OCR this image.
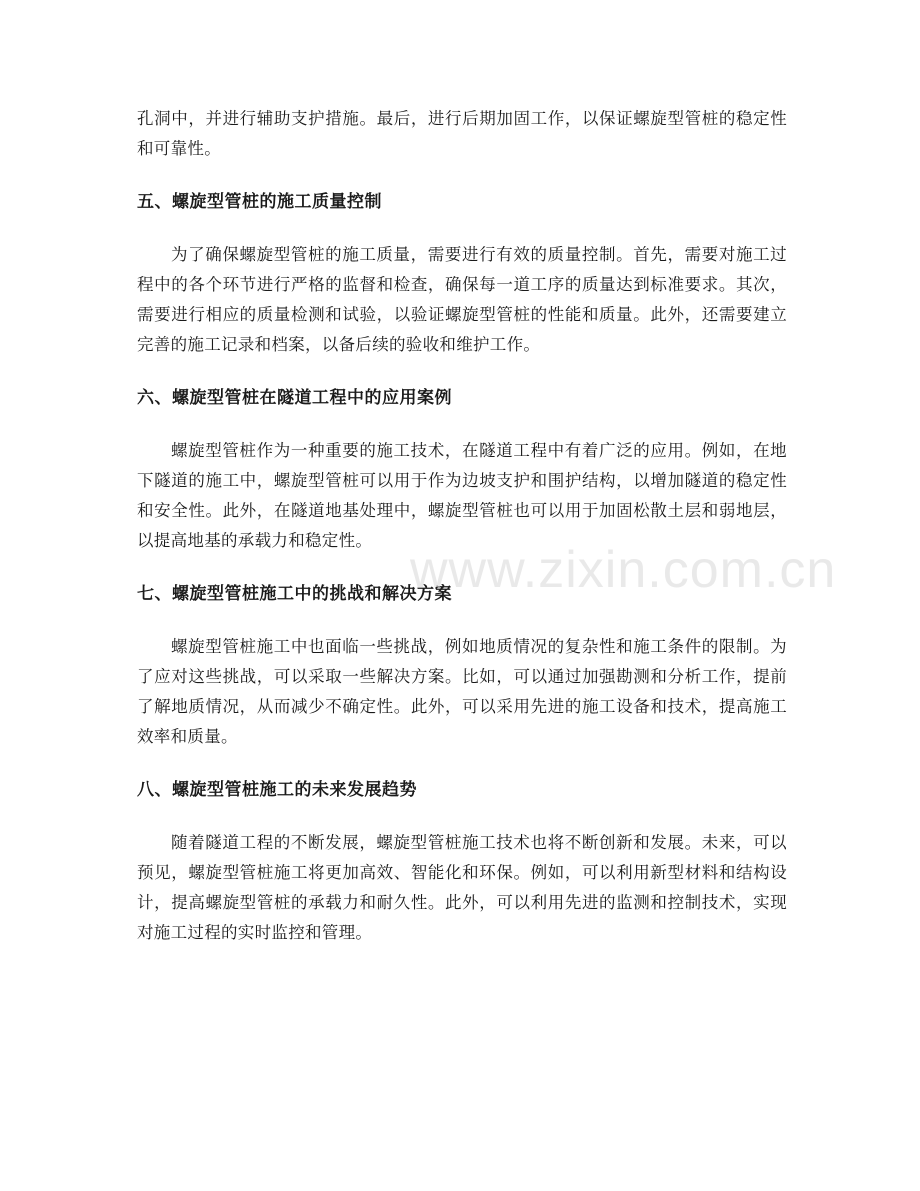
孔洞中，并进行辅助支护措施。最后，进行后期加固工作，以保证螺旋型管桩的稳定性和可靠性。

五、螺旋型管桩的施工质量控制

为了确保螺旋型管桩的施工质量，需要进行有效的质量控制。首先，需要对施工过程中的各个环节进行严格的监督和检查，确保每一道工序的质量达到标准要求。其次，需要进行相应的质量检测和试验，以验证螺旋型管桩的性能和质量。此外，还需要建立完善的施工记录和档案，以备后续的验收和维护工作。

六、螺旋型管桩在隧道工程中的应用案例

螺旋型管桩作为一种重要的施工技术，在隧道工程中有着广泛的应用。例如，在地下隧道的施工中，螺旋型管桩可以用于作为边坡支护和围护结构，以增加隧道的稳定性和安全性。此外，在隧道地基处理中，螺旋型管桩也可以用于加固松散土层和弱地层，以提高地基的承载力和稳定性。

七、螺旋型管桩施工中的挑战和解决方案

螺旋型管桩施工中也面临一些挑战，例如地质情况的复杂性和施工条件的限制。为了应对这些挑战，可以采取一些解决方案。比如，可以通过加强勘测和分析工作，提前了解地质情况，从而减少不确定性。此外，可以采用先进的施工设备和技术，提高施工效率和质量。

八、螺旋型管桩施工的未来发展趋势

随着隧道工程的不断发展，螺旋型管桩施工技术也将不断创新和发展。未来，可以预见，螺旋型管桩施工将更加高效、智能化和环保。例如，可以利用新型材料和结构设计，提高螺旋型管桩的承载力和耐久性。此外，可以利用先进的监测和控制技术，实现对施工过程的实时监控和管理。

www.zixin.com.cn
